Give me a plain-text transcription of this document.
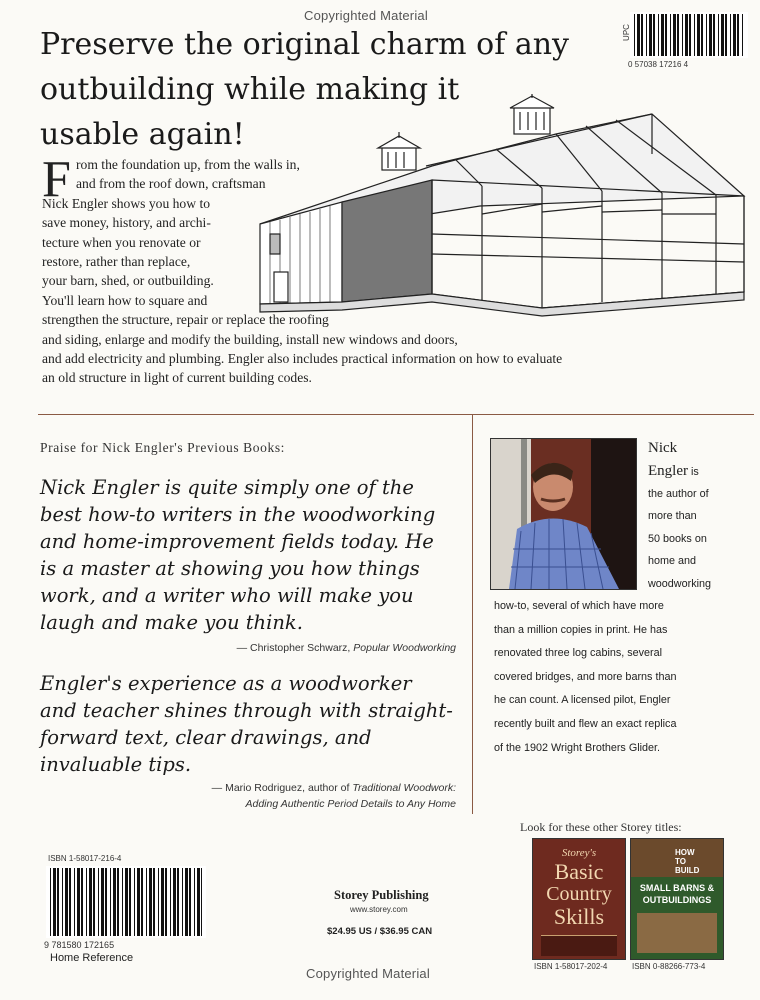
Copyrighted Material
Copyrighted Material
0 57038 17216 4
UPC
Preserve the original charm of any
outbuilding while making it
usable again!
F rom the foundation up, from the walls in,
and from the roof down, craftsman
Nick Engler shows you how to
save money, history, and archi-
tecture when you renovate or
restore, rather than replace,
your barn, shed, or outbuilding.
You'll learn how to square and
strengthen the structure, repair or replace the roofing
and siding, enlarge and modify the building, install new windows and doors,
and add electricity and plumbing. Engler also includes practical information on how to evaluate
an old structure in light of current building codes.
Praise for Nick Engler's Previous Books:
Nick Engler is quite simply one of the
best how-to writers in the woodworking
and home-improvement fields today. He
is a master at showing you how things
work, and a writer who will make you
laugh and make you think.
— Christopher Schwarz, Popular Woodworking
Engler's experience as a woodworker
and teacher shines through with straight-
forward text, clear drawings, and
invaluable tips.
— Mario Rodriguez, author of Traditional Woodwork:
Adding Authentic Period Details to Any Home
Nick
Engler is
the author of
more than
50 books on
home and
woodworking
how-to, several of which have more
than a million copies in print. He has
renovated three log cabins, several
covered bridges, and more barns than
he can count. A licensed pilot, Engler
recently built and flew an exact replica
of the 1902 Wright Brothers Glider.
Look for these other Storey titles:
Storey's
Basic
Country
Skills
HOW
TO
BUILD
SMALL BARNS &
OUTBUILDINGS
ISBN 1-58017-202-4	ISBN 0-88266-773-4
Storey Publishing
www.storey.com
$24.95 US / $36.95 CAN
ISBN 1-58017-216-4
9 781580 172165
Home Reference
